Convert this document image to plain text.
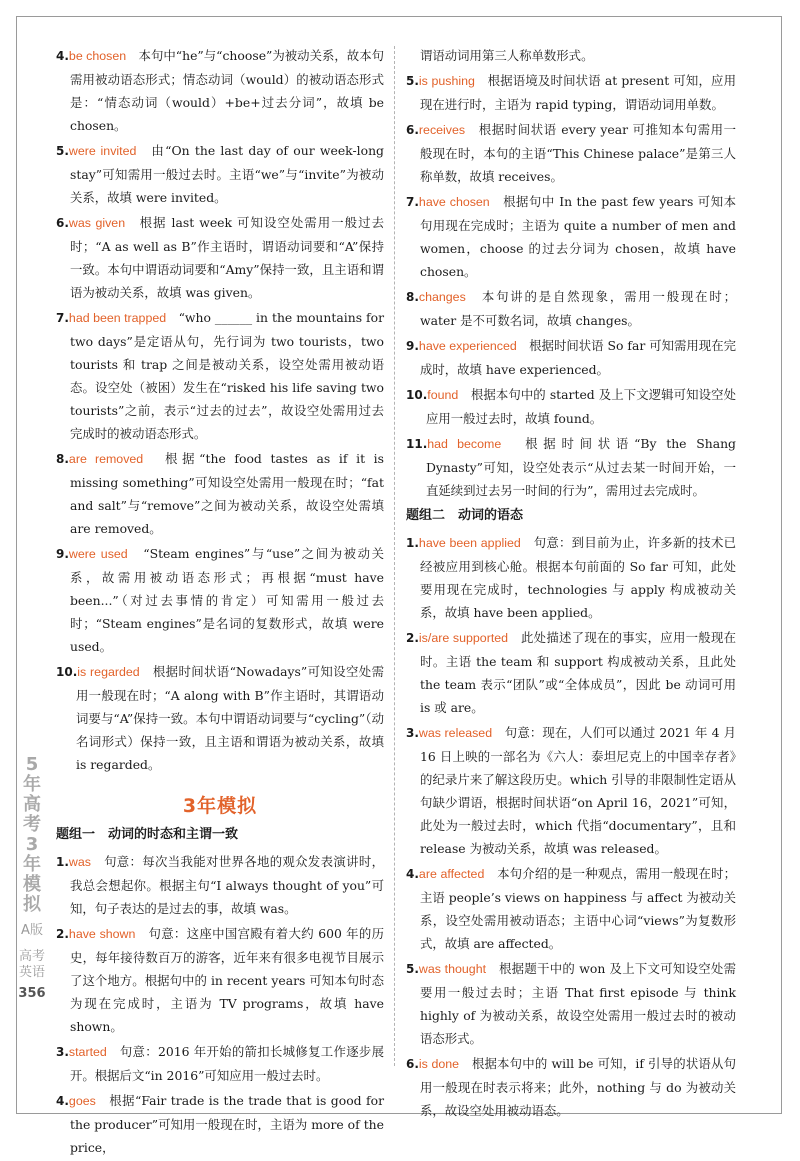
4.be chosen　 本句中“he”与“choose”为被动关系，故本句需用被动语态形式；情态动词（would）的被动语态形式是：“情态动词（would）+be+过去分词”，故填 be chosen。

5.were invited　 由“On the last day of our week-long stay”可知需用一般过去时。主语“we”与“invite”为被动关系，故填 were invited。

6.was given　 根据 last week 可知设空处需用一般过去时；“A as well as B”作主语时，谓语动词要和“A”保持一致。本句中谓语动词要和“Amy”保持一致，且主语和谓语为被动关系，故填 was given。

7.had been trapped　 “who ______ in the mountains for two days”是定语从句，先行词为 two tourists，two tourists 和 trap 之间是被动关系，设空处需用被动语态。设空处（被困）发生在“risked his life saving two tourists”之前，表示“过去的过去”，故设空处需用过去完成时的被动语态形式。

8.are removed　 根据“the food tastes as if it is missing something”可知设空处需用一般现在时；“fat and salt”与“remove”之间为被动关系，故设空处需填 are removed。

9.were used　 “Steam engines”与“use”之间为被动关系，故需用被动语态形式；再根据“must have been...”（对过去事情的肯定）可知需用一般过去时；“Steam engines”是名词的复数形式，故填 were used。

10.is regarded　 根据时间状语“Nowadays”可知设空处需用一般现在时；“A along with B”作主语时，其谓语动词要与“A”保持一致。本句中谓语动词要与“cycling”（动名词形式）保持一致，且主语和谓语为被动关系，故填 is regarded。

3年模拟
题组一　动词的时态和主谓一致

1.was　 句意：每次当我能对世界各地的观众发表演讲时，我总会想起你。根据主句“I always thought of you”可知，句子表达的是过去的事，故填 was。

2.have shown　 句意：这座中国宫殿有着大约 600 年的历史，每年接待数百万的游客，近年来有很多电视节目展示了这个地方。根据句中的 in recent years 可知本句时态为现在完成时，主语为 TV programs，故填 have shown。

3.started　 句意：2016 年开始的箭扣长城修复工作逐步展开。根据后文“in 2016”可知应用一般过去时。

4.goes　 根据“Fair trade is the trade that is good for the producer”可知用一般现在时，主语为 more of the price，

谓语动词用第三人称单数形式。

5.is pushing　 根据语境及时间状语 at present 可知，应用现在进行时，主语为 rapid typing，谓语动词用单数。

6.receives　 根据时间状语 every year 可推知本句需用一般现在时，本句的主语“This Chinese palace”是第三人称单数，故填 receives。

7.have chosen　 根据句中 In the past few years 可知本句用现在完成时；主语为 quite a number of men and women，choose 的过去分词为 chosen，故填 have chosen。

8.changes　 本句讲的是自然现象，需用一般现在时；water 是不可数名词，故填 changes。

9.have experienced　 根据时间状语 So far 可知需用现在完成时，故填 have experienced。

10.found　 根据本句中的 started 及上下文逻辑可知设空处应用一般过去时，故填 found。

11.had become　 根据时间状语“By the Shang Dynasty”可知，设空处表示“从过去某一时间开始，一直延续到过去另一时间的行为”，需用过去完成时。

题组二　动词的语态

1.have been applied　 句意：到目前为止，许多新的技术已经被应用到核心舱。根据本句前面的 So far 可知，此处要用现在完成时，technologies 与 apply 构成被动关系，故填 have been applied。

2.is/are supported　 此处描述了现在的事实，应用一般现在时。主语 the team 和 support 构成被动关系，且此处 the team 表示“团队”或“全体成员”，因此 be 动词可用 is 或 are。

3.was released　 句意：现在，人们可以通过 2021 年 4 月 16 日上映的一部名为《六人：泰坦尼克上的中国幸存者》的纪录片来了解这段历史。which 引导的非限制性定语从句缺少谓语，根据时间状语“on April 16，2021”可知，此处为一般过去时，which 代指“documentary”，且和 release 为被动关系，故填 was released。

4.are affected　 本句介绍的是一种观点，需用一般现在时；主语 people’s views on happiness 与 affect 为被动关系，设空处需用被动语态；主语中心词“views”为复数形式，故填 are affected。

5.was thought　 根据题干中的 won 及上下文可知设空处需要用一般过去时；主语 That first episode 与 think highly of 为被动关系，故设空处需用一般过去时的被动语态形式。

6.is done　 根据本句中的 will be 可知，if 引导的状语从句用一般现在时表示将来；此外，nothing 与 do 为被动关系，故设空处用被动语态。

5
年
高
考
3
年
模
拟
A版
高考英语
356
